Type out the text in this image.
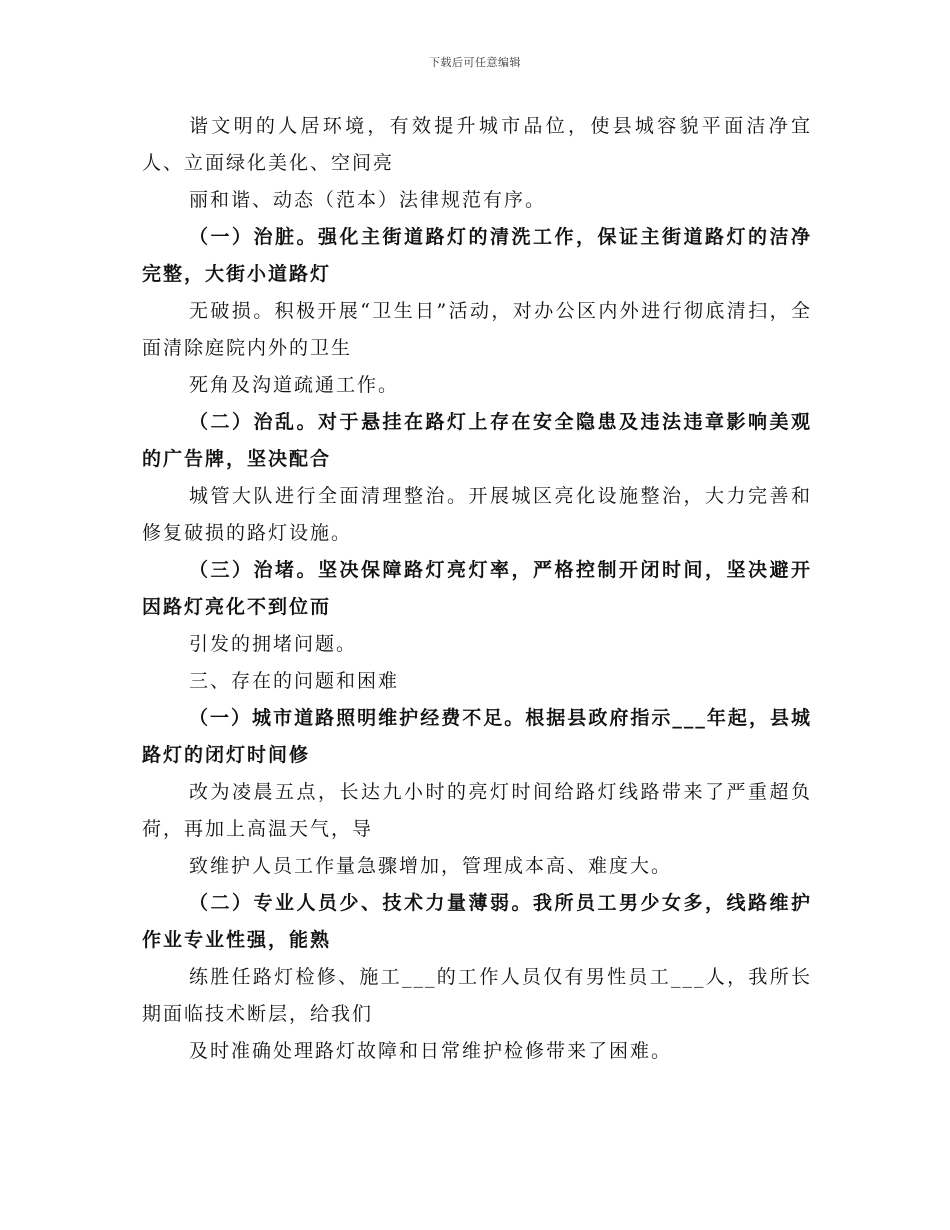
下载后可任意编辑

谐文明的人居环境，有效提升城市品位，使县城容貌平面洁净宜人、立面绿化美化、空间亮

丽和谐、动态（范本）法律规范有序。

（一）治脏。强化主街道路灯的清洗工作，保证主街道路灯的洁净完整，大街小道路灯

无破损。积极开展“卫生日”活动，对办公区内外进行彻底清扫，全面清除庭院内外的卫生

死角及沟道疏通工作。

（二）治乱。对于悬挂在路灯上存在安全隐患及违法违章影响美观的广告牌，坚决配合

城管大队进行全面清理整治。开展城区亮化设施整治，大力完善和修复破损的路灯设施。

（三）治堵。坚决保障路灯亮灯率，严格控制开闭时间，坚决避开因路灯亮化不到位而

引发的拥堵问题。

三、存在的问题和困难

（一）城市道路照明维护经费不足。根据县政府指示___年起，县城路灯的闭灯时间修

改为凌晨五点，长达九小时的亮灯时间给路灯线路带来了严重超负荷，再加上高温天气，导

致维护人员工作量急骤增加，管理成本高、难度大。

（二）专业人员少、技术力量薄弱。我所员工男少女多，线路维护作业专业性强，能熟

练胜任路灯检修、施工___的工作人员仅有男性员工___人，我所长期面临技术断层，给我们

及时准确处理路灯故障和日常维护检修带来了困难。
